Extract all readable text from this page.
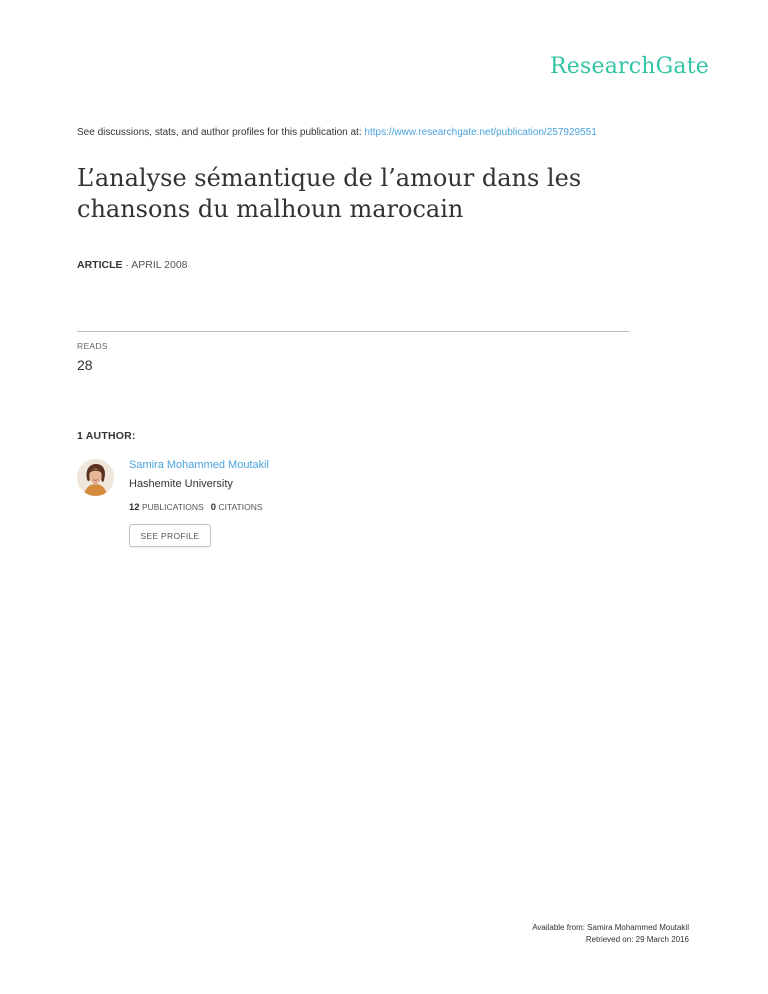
ResearchGate
See discussions, stats, and author profiles for this publication at: https://www.researchgate.net/publication/257929551
L’analyse sémantique de l’amour dans les chansons du malhoun marocain
ARTICLE · APRIL 2008
READS
28
1 AUTHOR:
Samira Mohammed Moutakil
Hashemite University
12 PUBLICATIONS 0 CITATIONS
SEE PROFILE
Available from: Samira Mohammed Moutakil
Retrieved on: 29 March 2016
